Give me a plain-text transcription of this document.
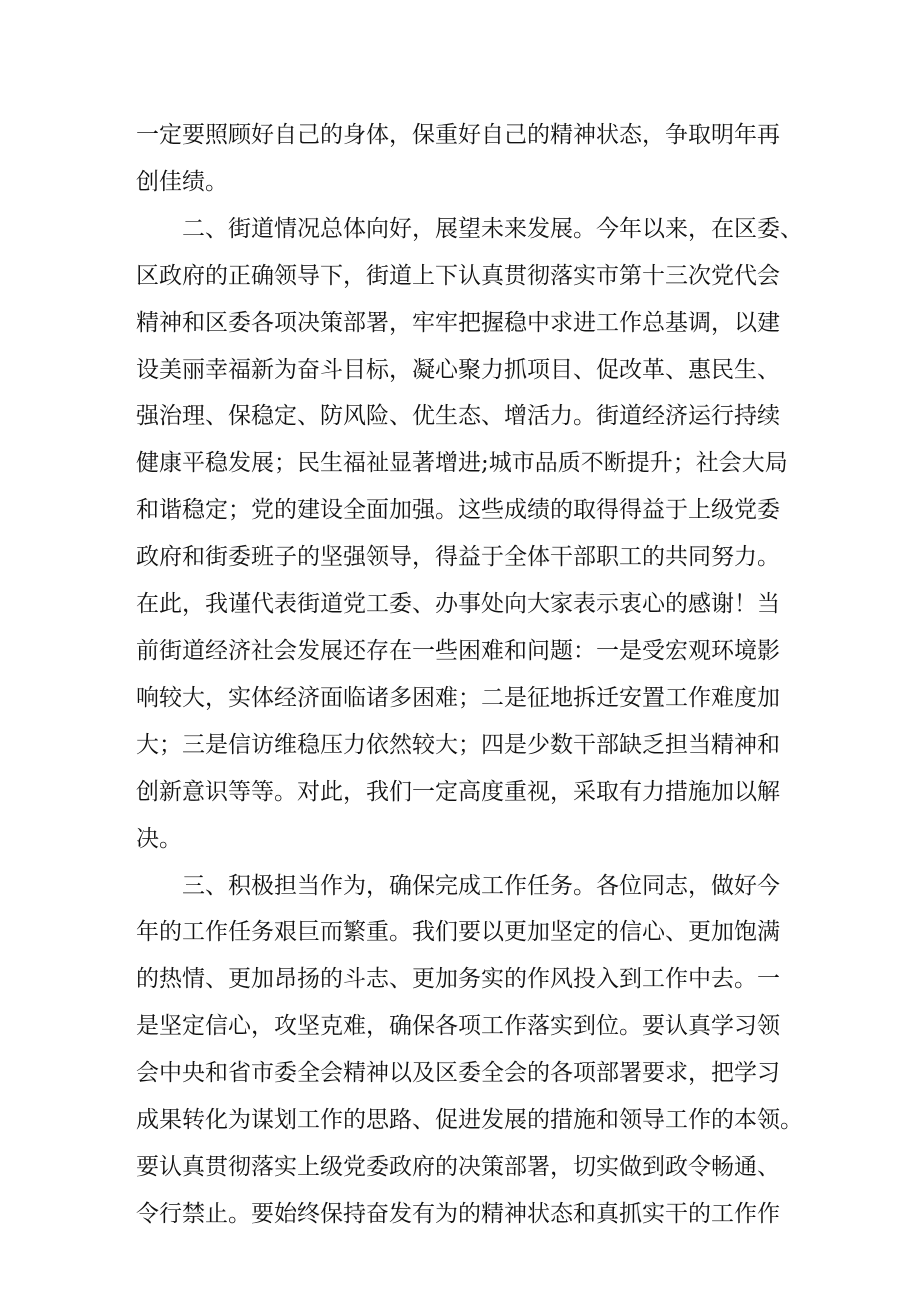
一定要照顾好自己的身体，保重好自己的精神状态，争取明年再
创佳绩。

二、街道情况总体向好，展望未来发展。今年以来，在区委、
区政府的正确领导下，街道上下认真贯彻落实市第十三次党代会
精神和区委各项决策部署，牢牢把握稳中求进工作总基调，以建
设美丽幸福新为奋斗目标，凝心聚力抓项目、促改革、惠民生、
强治理、保稳定、防风险、优生态、增活力。街道经济运行持续
健康平稳发展；民生福祉显著增进;城市品质不断提升；社会大局
和谐稳定；党的建设全面加强。这些成绩的取得得益于上级党委
政府和街委班子的坚强领导，得益于全体干部职工的共同努力。
在此，我谨代表街道党工委、办事处向大家表示衷心的感谢！当
前街道经济社会发展还存在一些困难和问题：一是受宏观环境影
响较大，实体经济面临诸多困难；二是征地拆迁安置工作难度加
大；三是信访维稳压力依然较大；四是少数干部缺乏担当精神和
创新意识等等。对此，我们一定高度重视，采取有力措施加以解
决。

三、积极担当作为，确保完成工作任务。各位同志，做好今
年的工作任务艰巨而繁重。我们要以更加坚定的信心、更加饱满
的热情、更加昂扬的斗志、更加务实的作风投入到工作中去。一
是坚定信心，攻坚克难，确保各项工作落实到位。要认真学习领
会中央和省市委全会精神以及区委全会的各项部署要求，把学习
成果转化为谋划工作的思路、促进发展的措施和领导工作的本领。
要认真贯彻落实上级党委政府的决策部署，切实做到政令畅通、
令行禁止。要始终保持奋发有为的精神状态和真抓实干的工作作
